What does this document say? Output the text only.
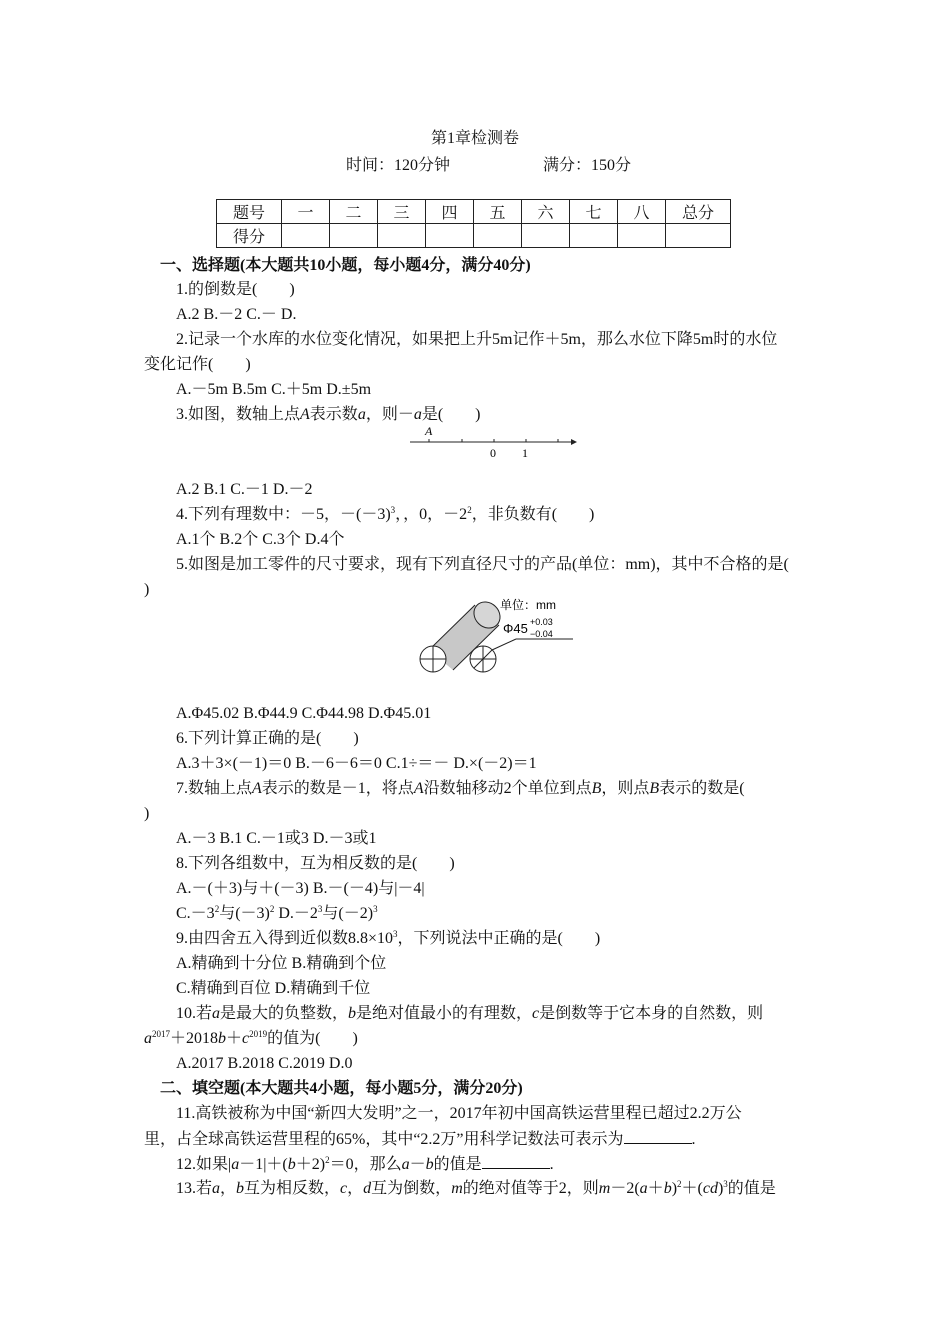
第1章检测卷
时间：120分钟	满分：150分
题号	一	二	三	四	五	六	七	八	总分
得分									
一、选择题(本大题共10小题，每小题4分，满分40分)
1.的倒数是(　　)
A.2 B.－2 C.－ D.
2.记录一个水库的水位变化情况，如果把上升5m记作＋5m，那么水位下降5m时的水位
变化记作(　　)
A.－5m B.5m C.＋5m D.±5m
3.如图，数轴上点A表示数a，则－a是(　　)
A
0 1
A.2 B.1 C.－1 D.－2
4.下列有理数中：－5，$-(-3)^3$，，0，$-2^2$，非负数有(　　)
A.1个 B.2个 C.3个 D.4个
5.如图是加工零件的尺寸要求，现有下列直径尺寸的产品(单位：mm)，其中不合格的是(
)
单位：mm
Φ45 +0.03
−0.04
A.Φ45.02 B.Φ44.9 C.Φ44.98 D.Φ45.01
6.下列计算正确的是(　　)
A.3＋3×(－1)＝0 B.－6－6＝0 C.1÷＝－ D.×(－2)＝1
7.数轴上点A表示的数是－1，将点A沿数轴移动2个单位到点B，则点B表示的数是(
)
A.－3 B.1 C.－1或3 D.－3或1
8.下列各组数中，互为相反数的是(　　)
A.－(＋3)与＋(－3) B.－(－4)与|－4|
$C.-3^2$与$(-3)^2$ $D.-2^3$与$(-2)^3$
9.由四舍五入得到近似数$8.8\times 10^3$，下列说法中正确的是(　　)
A.精确到十分位 B.精确到个位
C.精确到百位 D.精确到千位
10.若a是最大的负整数，b是绝对值最小的有理数，c是倒数等于它本身的自然数，则
$a^{2017}+2018b+c^{2019}$的值为(　　)
A.2017 B.2018 C.2019 D.0
二、填空题(本大题共4小题，每小题5分，满分20分)
11.高铁被称为中国“新四大发明”之一，2017年初中国高铁运营里程已超过2.2万公
里，占全球高铁运营里程的65%，其中“2.2万”用科学记数法可表示为	.
12.如果$|a-1|+(b+2)^2=0$，那么a－b的值是	.
13.若a，b互为相反数，c，d互为倒数，m的绝对值等于2，则$m-2(a+b)^2+(cd)^3$的值是
